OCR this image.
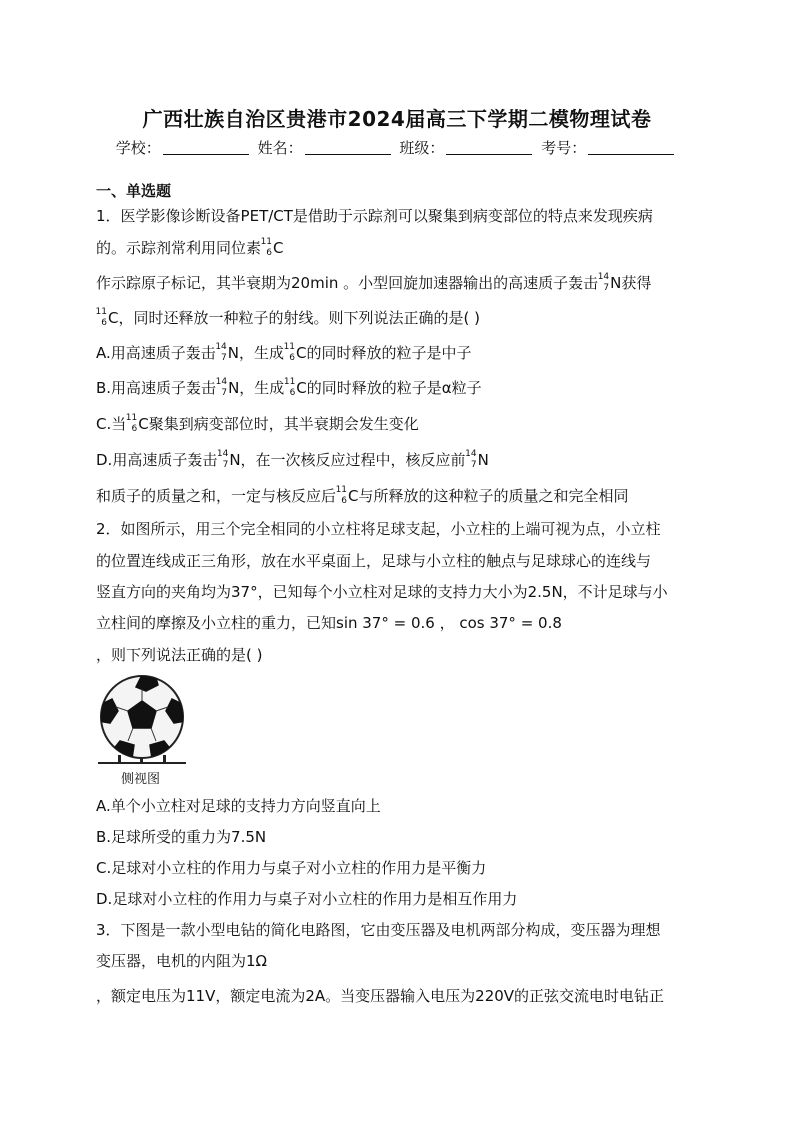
广西壮族自治区贵港市2024届高三下学期二模物理试卷
学校：	姓名：	班级：	考号：
一、单选题
1．医学影像诊断设备PET/CT是借助于示踪剂可以聚集到病变部位的特点来发现疾病
的。示踪剂常利用同位素 11
6 C
作示踪原子标记，其半衰期为20min 。小型回旋加速器输出的高速质子轰击 14
7 N获得
11
6 C，同时还释放一种粒子的射线。则下列说法正确的是( )
A.用高速质子轰击 14
7 N，生成 11
6 C的同时释放的粒子是中子
B.用高速质子轰击 14
7 N，生成 11
6 C的同时释放的粒子是α粒子
C.当 11
6 C聚集到病变部位时，其半衰期会发生变化
D.用高速质子轰击 14
7 N，在一次核反应过程中，核反应前 14
7 N
和质子的质量之和，一定与核反应后 11
6 C与所释放的这种粒子的质量之和完全相同
2．如图所示，用三个完全相同的小立柱将足球支起，小立柱的上端可视为点，小立柱
的位置连线成正三角形，放在水平桌面上，足球与小立柱的触点与足球球心的连线与
竖直方向的夹角均为37°，已知每个小立柱对足球的支持力大小为2.5N，不计足球与小
立柱间的摩擦及小立柱的重力，已知sin 37° = 0.6 ， cos 37° = 0.8
，则下列说法正确的是( )
侧视图
A.单个小立柱对足球的支持力方向竖直向上
B.足球所受的重力为7.5N
C.足球对小立柱的作用力与桌子对小立柱的作用力是平衡力
D.足球对小立柱的作用力与桌子对小立柱的作用力是相互作用力
3．下图是一款小型电钻的简化电路图，它由变压器及电机两部分构成，变压器为理想
变压器，电机的内阻为1Ω
，额定电压为11V，额定电流为2A。当变压器输入电压为220V的正弦交流电时电钻正
